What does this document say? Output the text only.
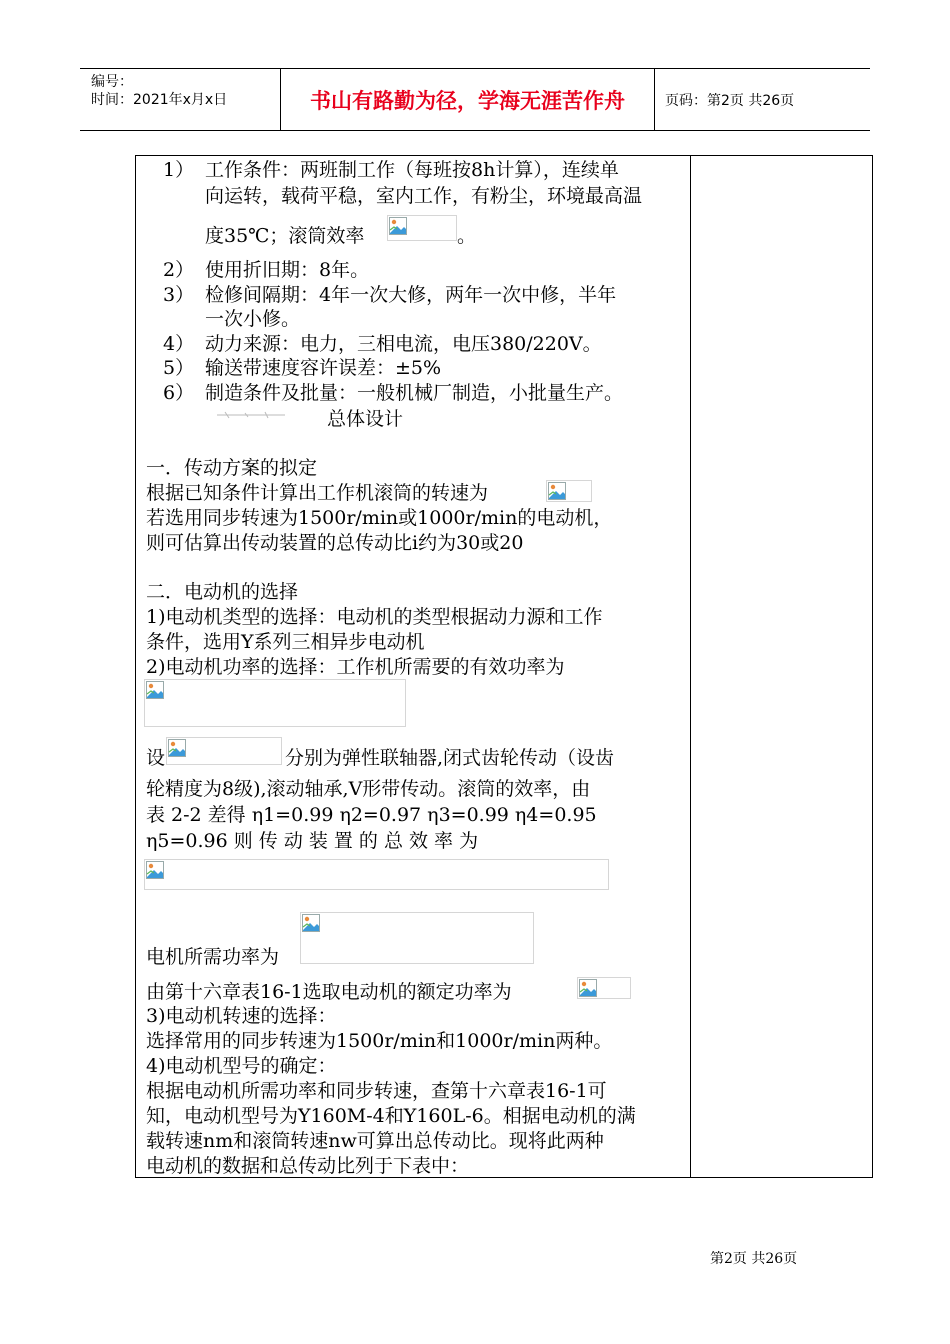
编号：
时间：2021年x月x日	书山有路勤为径，学海无涯苦作舟	页码：第2页 共26页
1） 工作条件：两班制工作（每班按8h计算），连续单
向运转，载荷平稳，室内工作，有粉尘，环境最高温
度35℃；滚筒效率	。
2） 使用折旧期：8年。
3） 检修间隔期：4年一次大修，两年一次中修，半年
一次小修。
4） 动力来源：电力，三相电流，电压380/220V。
5） 输送带速度容许误差：±5%
6） 制造条件及批量：一般机械厂制造，小批量生产。
总体设计
一．传动方案的拟定
根据已知条件计算出工作机滚筒的转速为
若选用同步转速为1500r/min或1000r/min的电动机，
则可估算出传动装置的总传动比i约为30或20
二．电动机的选择
1)电动机类型的选择：电动机的类型根据动力源和工作
条件，选用Y系列三相异步电动机
2)电动机功率的选择：工作机所需要的有效功率为
设	分别为弹性联轴器,闭式齿轮传动（设齿
轮精度为8级),滚动轴承,V形带传动。滚筒的效率，由
表 2-2 差得 η1=0.99 η2=0.97 η3=0.99 η4=0.95
η5=0.96 则 传 动 装 置 的 总 效 率 为
电机所需功率为
由第十六章表16-1选取电动机的额定功率为
3)电动机转速的选择：
选择常用的同步转速为1500r/min和1000r/min两种。
4)电动机型号的确定：
根据电动机所需功率和同步转速，查第十六章表16-1可
知，电动机型号为Y160M-4和Y160L-6。相据电动机的满
载转速nm和滚筒转速nw可算出总传动比。现将此两种
电动机的数据和总传动比列于下表中：
第2页 共26页
